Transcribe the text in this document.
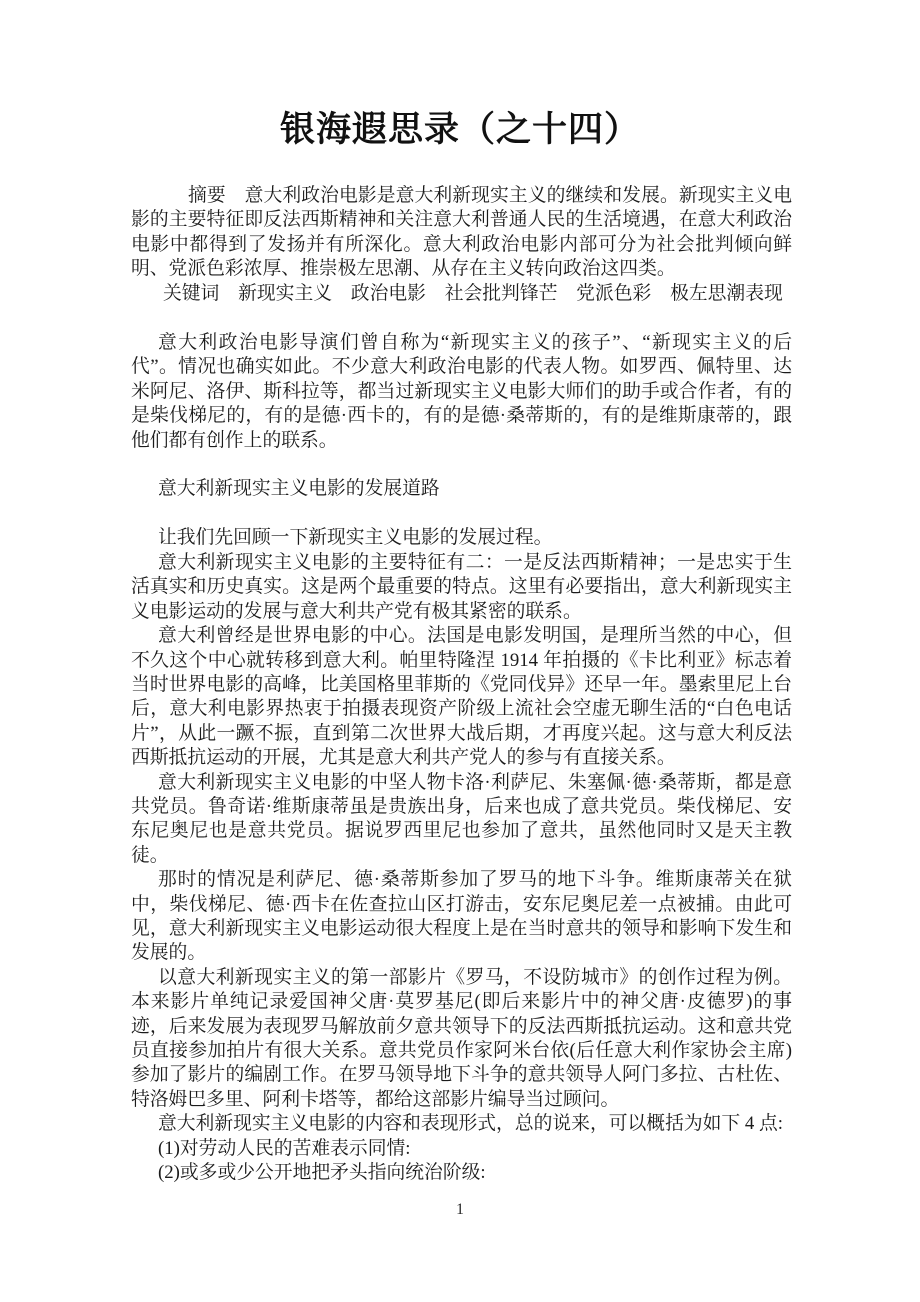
银海遐思录（之十四）

摘要　意大利政治电影是意大利新现实主义的继续和发展。新现实主义电影的主要特征即反法西斯精神和关注意大利普通人民的生活境遇，在意大利政治电影中都得到了发扬并有所深化。意大利政治电影内部可分为社会批判倾向鲜明、党派色彩浓厚、推崇极左思潮、从存在主义转向政治这四类。

关键词　新现实主义　政治电影　社会批判锋芒　党派色彩　极左思潮表现

意大利政治电影导演们曾自称为“新现实主义的孩子”、“新现实主义的后代”。情况也确实如此。不少意大利政治电影的代表人物。如罗西、佩特里、达米阿尼、洛伊、斯科拉等，都当过新现实主义电影大师们的助手或合作者，有的是柴伐梯尼的，有的是德·西卡的，有的是德·桑蒂斯的，有的是维斯康蒂的，跟他们都有创作上的联系。

意大利新现实主义电影的发展道路

让我们先回顾一下新现实主义电影的发展过程。

意大利新现实主义电影的主要特征有二：一是反法西斯精神；一是忠实于生活真实和历史真实。这是两个最重要的特点。这里有必要指出，意大利新现实主义电影运动的发展与意大利共产党有极其紧密的联系。

意大利曾经是世界电影的中心。法国是电影发明国，是理所当然的中心，但不久这个中心就转移到意大利。帕里特隆涅 1914 年拍摄的《卡比利亚》标志着当时世界电影的高峰，比美国格里菲斯的《党同伐异》还早一年。墨索里尼上台后，意大利电影界热衷于拍摄表现资产阶级上流社会空虚无聊生活的“白色电话片”，从此一蹶不振，直到第二次世界大战后期，才再度兴起。这与意大利反法西斯抵抗运动的开展，尤其是意大利共产党人的参与有直接关系。

意大利新现实主义电影的中坚人物卡洛·利萨尼、朱塞佩·德·桑蒂斯，都是意共党员。鲁奇诺·维斯康蒂虽是贵族出身，后来也成了意共党员。柴伐梯尼、安东尼奥尼也是意共党员。据说罗西里尼也参加了意共，虽然他同时又是天主教徒。

那时的情况是利萨尼、德·桑蒂斯参加了罗马的地下斗争。维斯康蒂关在狱中，柴伐梯尼、德·西卡在佐查拉山区打游击，安东尼奥尼差一点被捕。由此可见，意大利新现实主义电影运动很大程度上是在当时意共的领导和影响下发生和发展的。

以意大利新现实主义的第一部影片《罗马，不设防城市》的创作过程为例。本来影片单纯记录爱国神父唐·莫罗基尼(即后来影片中的神父唐·皮德罗)的事迹，后来发展为表现罗马解放前夕意共领导下的反法西斯抵抗运动。这和意共党员直接参加拍片有很大关系。意共党员作家阿米台依(后任意大利作家协会主席)参加了影片的编剧工作。在罗马领导地下斗争的意共领导人阿门多拉、古杜佐、特洛姆巴多里、阿利卡塔等，都给这部影片编导当过顾问。

意大利新现实主义电影的内容和表现形式，总的说来，可以概括为如下 4 点:

(1)对劳动人民的苦难表示同情:

(2)或多或少公开地把矛头指向统治阶级:

1
